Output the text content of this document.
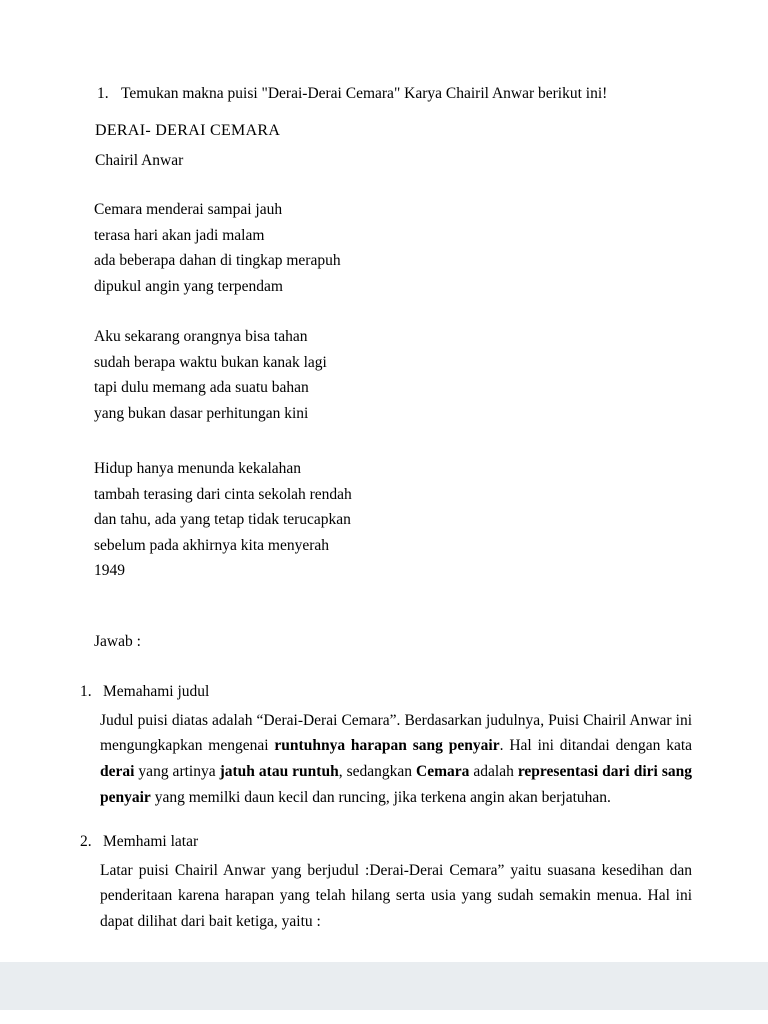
1. Temukan makna puisi "Derai-Derai Cemara" Karya Chairil Anwar berikut ini!
DERAI- DERAI CEMARA
Chairil Anwar
Cemara menderai sampai jauh
terasa hari akan jadi malam
ada beberapa dahan di tingkap merapuh
dipukul angin yang terpendam
Aku sekarang orangnya bisa tahan
sudah berapa waktu bukan kanak lagi
tapi dulu memang ada suatu bahan
yang bukan dasar perhitungan kini
Hidup hanya menunda kekalahan
tambah terasing dari cinta sekolah rendah
dan tahu, ada yang tetap tidak terucapkan
sebelum pada akhirnya kita menyerah
1949
Jawab :
1. Memahami judul
Judul puisi diatas adalah “Derai-Derai Cemara”. Berdasarkan judulnya, Puisi Chairil Anwar ini mengungkapkan mengenai runtuhnya harapan sang penyair. Hal ini ditandai dengan kata derai yang artinya jatuh atau runtuh, sedangkan Cemara adalah representasi dari diri sang penyair yang memilki daun kecil dan runcing, jika terkena angin akan berjatuhan.
2. Memhami latar
Latar puisi Chairil Anwar yang berjudul :Derai-Derai Cemara” yaitu suasana kesedihan dan penderitaan karena harapan yang telah hilang serta usia yang sudah semakin menua. Hal ini dapat dilihat dari bait ketiga, yaitu :
